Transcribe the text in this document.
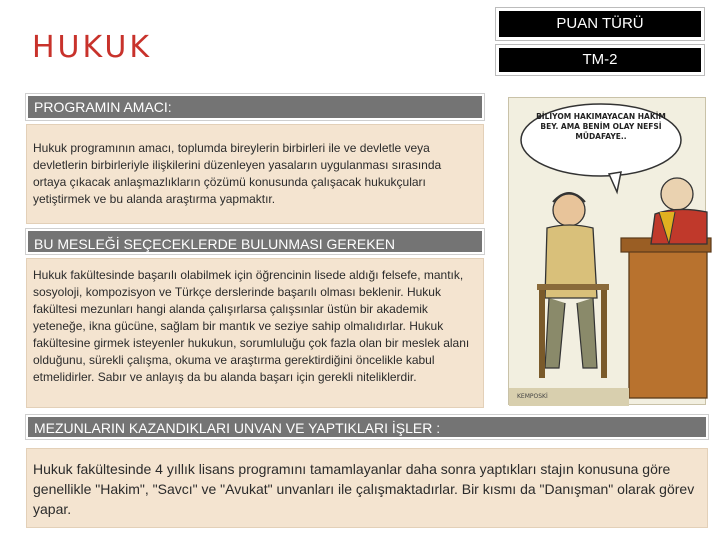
HUKUK
PUAN TÜRÜ
TM-2
PROGRAMIN AMACI:
Hukuk programının amacı, toplumda bireylerin birbirleri ile ve devletle veya devletlerin birbirleriyle ilişkilerini düzenleyen yasaların uygulanması sırasında ortaya çıkacak anlaşmazlıkların çözümü konusunda çalışacak hukukçuları yetiştirmek ve bu alanda araştırma yapmaktır.
BU MESLEĞİ SEÇECEKLERDE BULUNMASI GEREKEN
Hukuk fakültesinde başarılı olabilmek için öğrencinin lisede aldığı felsefe, mantık, sosyoloji, kompozisyon ve Türkçe derslerinde başarılı olması beklenir. Hukuk fakültesi mezunları hangi alanda çalışırlarsa çalışsınlar üstün bir akademik yeteneğe, ikna gücüne, sağlam bir mantık ve seziye sahip olmalıdırlar. Hukuk fakültesine girmek isteyenler hukukun, sorumluluğu çok fazla olan bir meslek alanı olduğunu, sürekli çalışma, okuma ve araştırma gerektirdiğini öncelikle kabul etmelidirler. Sabır ve anlayış da bu alanda başarı için gerekli niteliklerdir.
MEZUNLARIN KAZANDIKLARI UNVAN VE YAPTIKLARI İŞLER :
Hukuk fakültesinde 4 yıllık lisans programını tamamlayanlar daha sonra yaptıkları stajın konusuna göre genellikle "Hakim", "Savcı" ve "Avukat" unvanları ile çalışmaktadırlar. Bir kısmı da "Danışman" olarak görev yapar.
BİLİYOM HAKIMAYACAN HAKİM BEY. AMA BENİM OLAY NEFSİ MÜDAFAYE..
KEMPOSKİ
